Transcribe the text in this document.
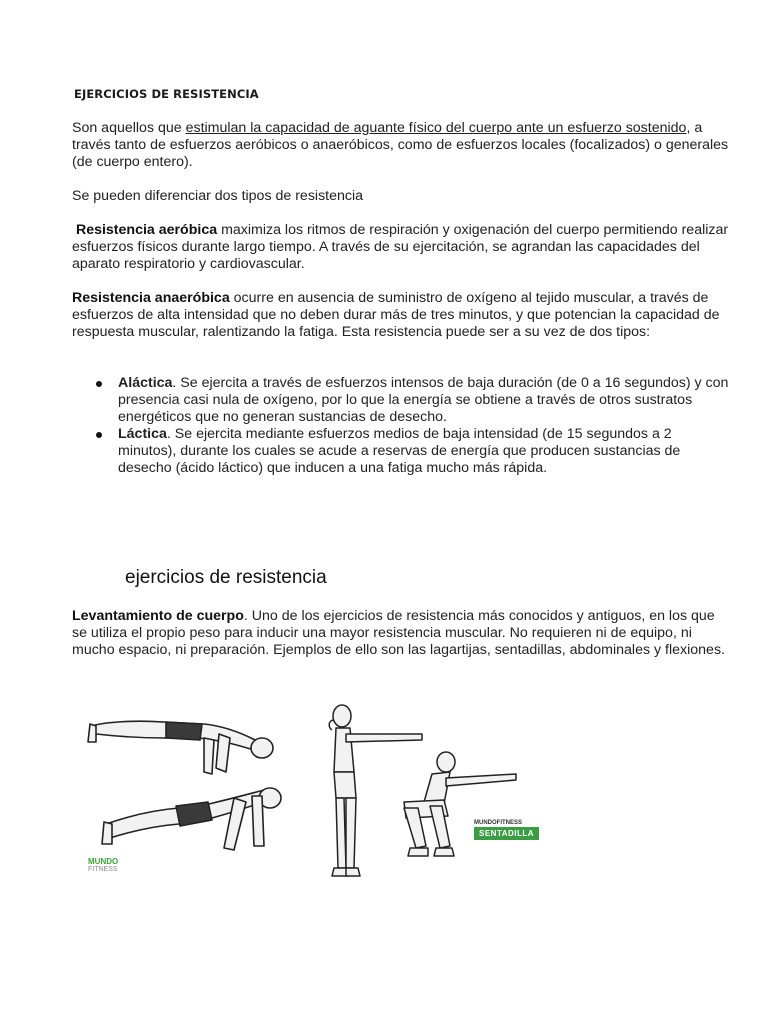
EJERCICIOS DE RESISTENCIA
Son aquellos que estimulan la capacidad de aguante físico del cuerpo ante un esfuerzo sostenido, a través tanto de esfuerzos aeróbicos o anaeróbicos, como de esfuerzos locales (focalizados) o generales (de cuerpo entero).
Se pueden diferenciar dos tipos de resistencia
Resistencia aeróbica maximiza los ritmos de respiración y oxigenación del cuerpo permitiendo realizar esfuerzos físicos durante largo tiempo. A través de su ejercitación, se agrandan las capacidades del aparato respiratorio y cardiovascular.
Resistencia anaeróbica ocurre en ausencia de suministro de oxígeno al tejido muscular, a través de esfuerzos de alta intensidad que no deben durar más de tres minutos, y que potencian la capacidad de respuesta muscular, ralentizando la fatiga. Esta resistencia puede ser a su vez de dos tipos:
Aláctica. Se ejercita a través de esfuerzos intensos de baja duración (de 0 a 16 segundos) y con presencia casi nula de oxígeno, por lo que la energía se obtiene a través de otros sustratos energéticos que no generan sustancias de desecho.
Láctica. Se ejercita mediante esfuerzos medios de baja intensidad (de 15 segundos a 2 minutos), durante los cuales se acude a reservas de energía que producen sustancias de desecho (ácido láctico) que inducen a una fatiga mucho más rápida.
ejercicios de resistencia
Levantamiento de cuerpo. Uno de los ejercicios de resistencia más conocidos y antiguos, en los que se utiliza el propio peso para inducir una mayor resistencia muscular. No requieren ni de equipo, ni mucho espacio, ni preparación. Ejemplos de ello son las lagartijas, sentadillas, abdominales y flexiones.
MUNDO
FITNESS
MUNDOFITNESS
SENTADILLA
